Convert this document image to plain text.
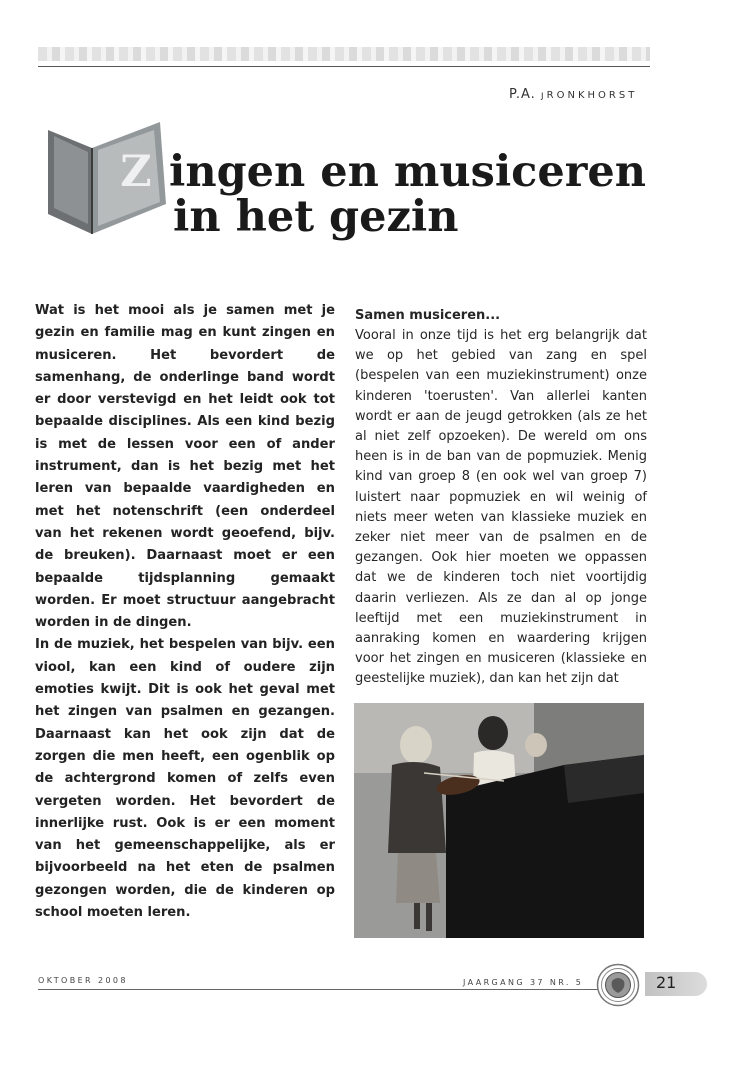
P.A. ȷRONKHORST
Z ingen en musiceren
in het gezin

Wat is het mooi als je samen met je gezin en familie mag en kunt zingen en musiceren. Het bevordert de samenhang, de onderlinge band wordt er door verstevigd en het leidt ook tot bepaalde disciplines. Als een kind bezig is met de lessen voor een of ander instrument, dan is het bezig met het leren van bepaalde vaardigheden en met het notenschrift (een onderdeel van het rekenen wordt geoefend, bijv. de breuken). Daarnaast moet er een bepaalde tijdsplanning gemaakt worden. Er moet structuur aangebracht worden in de dingen.

In de muziek, het bespelen van bijv. een viool, kan een kind of oudere zijn emoties kwijt. Dit is ook het geval met het zingen van psalmen en gezangen. Daarnaast kan het ook zijn dat de zorgen die men heeft, een ogenblik op de achtergrond komen of zelfs even vergeten worden. Het bevordert de innerlijke rust. Ook is er een moment van het gemeenschappelijke, als er bijvoorbeeld na het eten de psalmen gezongen worden, die de kinderen op school moeten leren.

Samen musiceren...

Vooral in onze tijd is het erg belangrijk dat we op het gebied van zang en spel (bespelen van een muziekinstrument) onze kinderen 'toerusten'. Van allerlei kanten wordt er aan de jeugd getrokken (als ze het al niet zelf opzoeken). De wereld om ons heen is in de ban van de popmuziek. Menig kind van groep 8 (en ook wel van groep 7) luistert naar popmuziek en wil weinig of niets meer weten van klassieke muziek en zeker niet meer van de psalmen en de gezangen. Ook hier moeten we oppassen dat we de kinderen toch niet voortijdig daarin verliezen. Als ze dan al op jonge leeftijd met een muziekinstrument in aanraking komen en waardering krijgen voor het zingen en musiceren (klassieke en geestelijke muziek), dan kan het zijn dat

OKTOBER 2008	JAARGANG 37 NR. 5	21
